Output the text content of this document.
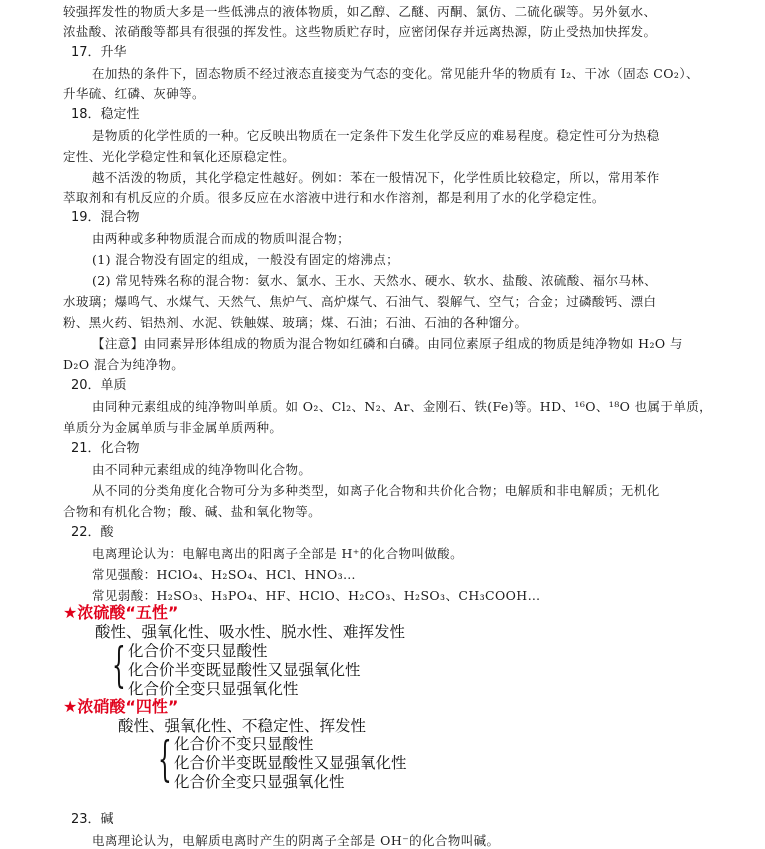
较强挥发性的物质大多是一些低沸点的液体物质，如乙醇、乙醚、丙酮、氯仿、二硫化碳等。另外氨水、
浓盐酸、浓硝酸等都具有很强的挥发性。这些物质贮存时，应密闭保存并远离热源，防止受热加快挥发。
17．升华
在加热的条件下，固态物质不经过液态直接变为气态的变化。常见能升华的物质有 I₂、干冰（固态 CO₂）、
升华硫、红磷、灰砷等。
18．稳定性
是物质的化学性质的一种。它反映出物质在一定条件下发生化学反应的难易程度。稳定性可分为热稳
定性、光化学稳定性和氧化还原稳定性。
越不活泼的物质，其化学稳定性越好。例如：苯在一般情况下，化学性质比较稳定，所以，常用苯作
萃取剂和有机反应的介质。很多反应在水溶液中进行和水作溶剂，都是利用了水的化学稳定性。
19．混合物
由两种或多种物质混合而成的物质叫混合物；
(1) 混合物没有固定的组成，一般没有固定的熔沸点；
(2) 常见特殊名称的混合物：氨水、氯水、王水、天然水、硬水、软水、盐酸、浓硫酸、福尔马林、
水玻璃；爆鸣气、水煤气、天然气、焦炉气、高炉煤气、石油气、裂解气、空气；合金；过磷酸钙、漂白
粉、黑火药、铝热剂、水泥、铁触媒、玻璃；煤、石油；石油、石油的各种馏分。
【注意】由同素异形体组成的物质为混合物如红磷和白磷。由同位素原子组成的物质是纯净物如 H₂O 与
D₂O 混合为纯净物。
20．单质
由同种元素组成的纯净物叫单质。如 O₂、Cl₂、N₂、Ar、金刚石、铁(Fe)等。HD、¹⁶O、¹⁸O 也属于单质，
单质分为金属单质与非金属单质两种。
21．化合物
由不同种元素组成的纯净物叫化合物。
从不同的分类角度化合物可分为多种类型，如离子化合物和共价化合物；电解质和非电解质；无机化
合物和有机化合物；酸、碱、盐和氧化物等。
22．酸
电离理论认为：电解电离出的阳离子全部是 H⁺的化合物叫做酸。
常见强酸：HClO₄、H₂SO₄、HCl、HNO₃…
常见弱酸：H₂SO₃、H₃PO₄、HF、HClO、H₂CO₃、H₂SO₃、CH₃COOH…
★浓硫酸“五性”
酸性、强氧化性、吸水性、脱水性、难挥发性
{ 化合价不变只显酸性
化合价半变既显酸性又显强氧化性
化合价全变只显强氧化性
★浓硝酸“四性”
酸性、强氧化性、不稳定性、挥发性
{ 化合价不变只显酸性
化合价半变既显酸性又显强氧化性
化合价全变只显强氧化性
23．碱
电离理论认为，电解质电离时产生的阴离子全部是 OH⁻的化合物叫碱。
